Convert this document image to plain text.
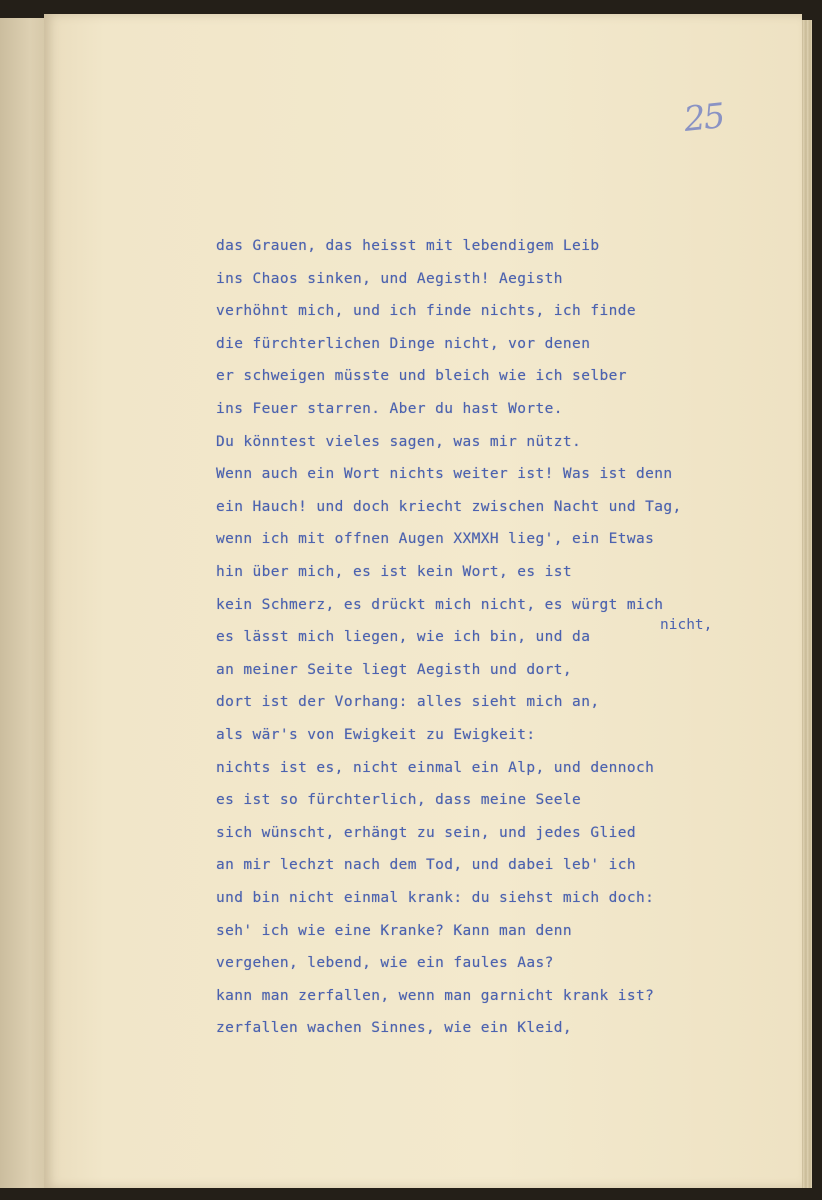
25
das Grauen, das heisst mit lebendigem Leib
ins Chaos sinken, und Aegisth! Aegisth
verhöhnt mich, und ich finde nichts, ich finde
die fürchterlichen Dinge nicht, vor denen
er schweigen müsste und bleich wie ich selber
ins Feuer starren. Aber du hast Worte.
Du könntest vieles sagen, was mir nützt.
Wenn auch ein Wort nichts weiter ist! Was ist denn
ein Hauch! und doch kriecht zwischen Nacht und Tag,
wenn ich mit offnen Augen XXMXH lieg', ein Etwas
hin über mich, es ist kein Wort, es ist
kein Schmerz, es drückt mich nicht, es würgt mich
es lässt mich liegen, wie ich bin, und da
an meiner Seite liegt Aegisth und dort,
dort ist der Vorhang: alles sieht mich an,
als wär's von Ewigkeit zu Ewigkeit:
nichts ist es, nicht einmal ein Alp, und dennoch
es ist so fürchterlich, dass meine Seele
sich wünscht, erhängt zu sein, und jedes Glied
an mir lechzt nach dem Tod, und dabei leb' ich
und bin nicht einmal krank: du siehst mich doch:
seh' ich wie eine Kranke? Kann man denn
vergehen, lebend, wie ein faules Aas?
kann man zerfallen, wenn man garnicht krank ist?
zerfallen wachen Sinnes, wie ein Kleid,
nicht,
